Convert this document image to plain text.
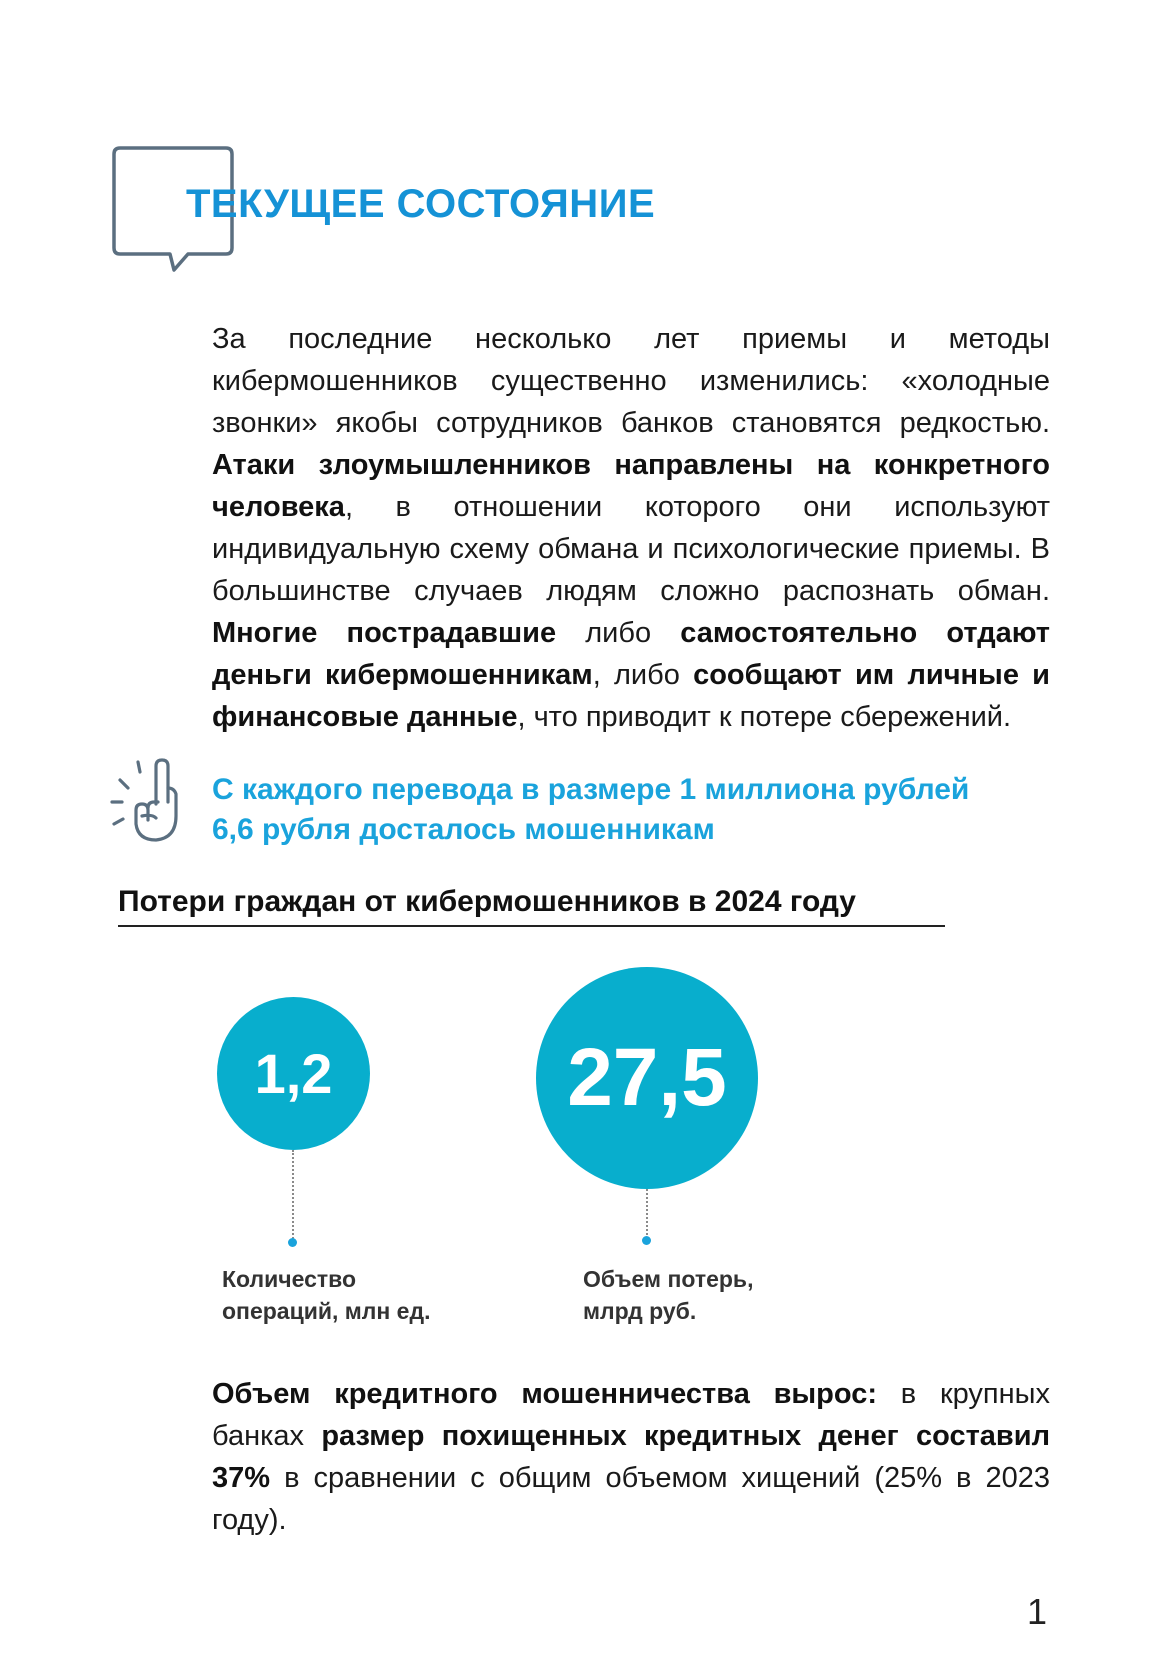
ТЕКУЩЕЕ СОСТОЯНИЕ
За последние несколько лет приемы и методы кибермошенников существенно изменились: «холодные звонки» якобы сотрудников банков становятся редкостью. Атаки злоумышленников направлены на конкретного человека, в отношении которого они используют индивидуальную схему обмана и психологические приемы. В большинстве случаев людям сложно распознать обман. Многие пострадавшие либо самостоятельно отдают деньги кибермошенникам, либо сообщают им личные и финансовые данные, что приводит к потере сбережений.
С каждого перевода в размере 1 миллиона рублей
6,6 рубля досталось мошенникам
Потери граждан от кибермошенников в 2024 году
1,2
Количество
операций, млн ед.
27,5
Объем потерь,
млрд руб.
Объем кредитного мошенничества вырос: в крупных банках размер похищенных кредитных денег составил 37% в сравнении с общим объемом хищений (25% в 2023 году).
1
